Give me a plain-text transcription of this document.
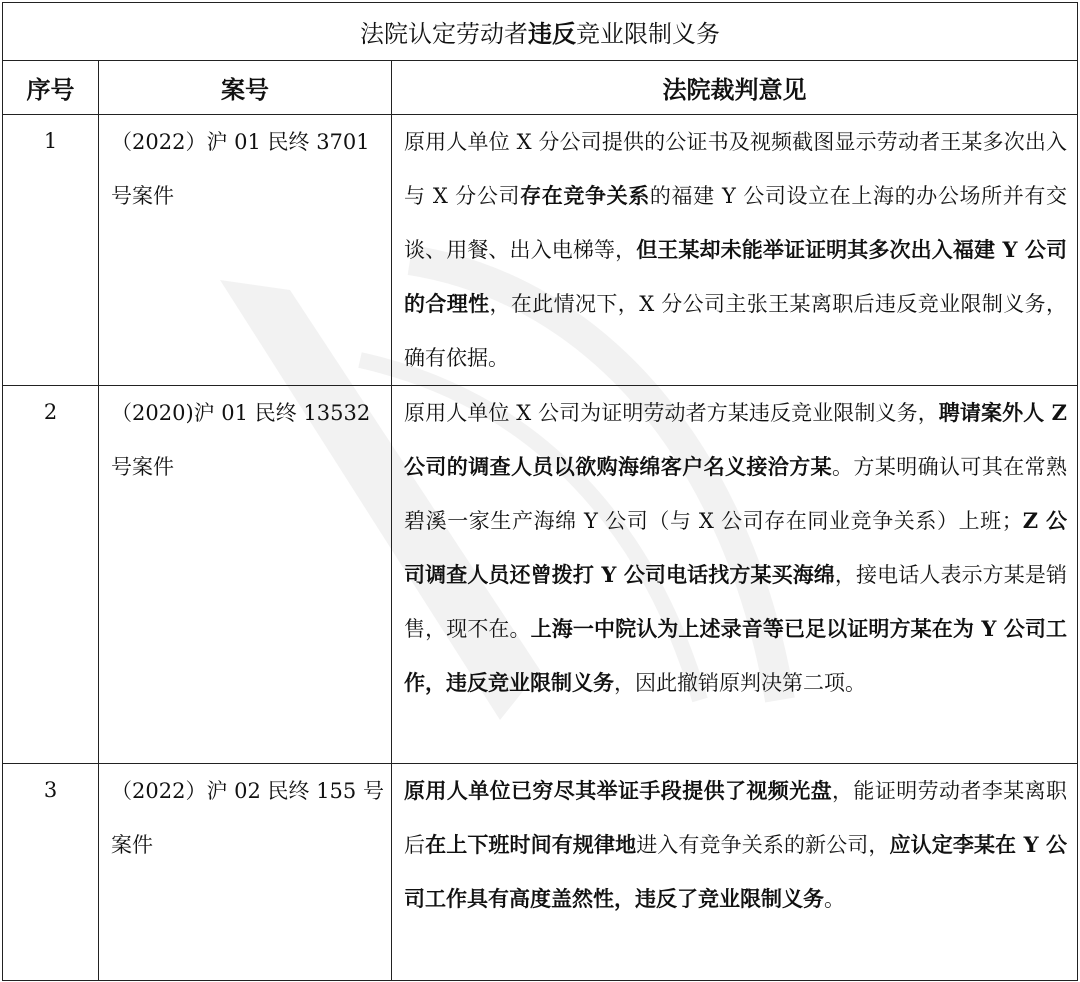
法院认定劳动者违反竞业限制义务		
序号	案号	法院裁判意见
1	（2022）沪 01 民终 3701 号案件	原用人单位 X 分公司提供的公证书及视频截图显示劳动者王某多次出入与 X 分公司存在竞争关系的福建 Y 公司设立在上海的办公场所并有交谈、用餐、出入电梯等，但王某却未能举证证明其多次出入福建 Y 公司的合理性，在此情况下，X 分公司主张王某离职后违反竞业限制义务，确有依据。
2	（2020)沪 01 民终 13532 号案件	原用人单位 X 公司为证明劳动者方某违反竞业限制义务，聘请案外人 Z 公司的调查人员以欲购海绵客户名义接洽方某。方某明确认可其在常熟碧溪一家生产海绵 Y 公司（与 X 公司存在同业竞争关系）上班；Z 公司调查人员还曾拨打 Y 公司电话找方某买海绵，接电话人表示方某是销售，现不在。上海一中院认为上述录音等已足以证明方某在为 Y 公司工作，违反竞业限制义务，因此撤销原判决第二项。
3	（2022）沪 02 民终 155 号案件	原用人单位已穷尽其举证手段提供了视频光盘，能证明劳动者李某离职后在上下班时间有规律地进入有竞争关系的新公司，应认定李某在 Y 公司工作具有高度盖然性，违反了竞业限制义务。
